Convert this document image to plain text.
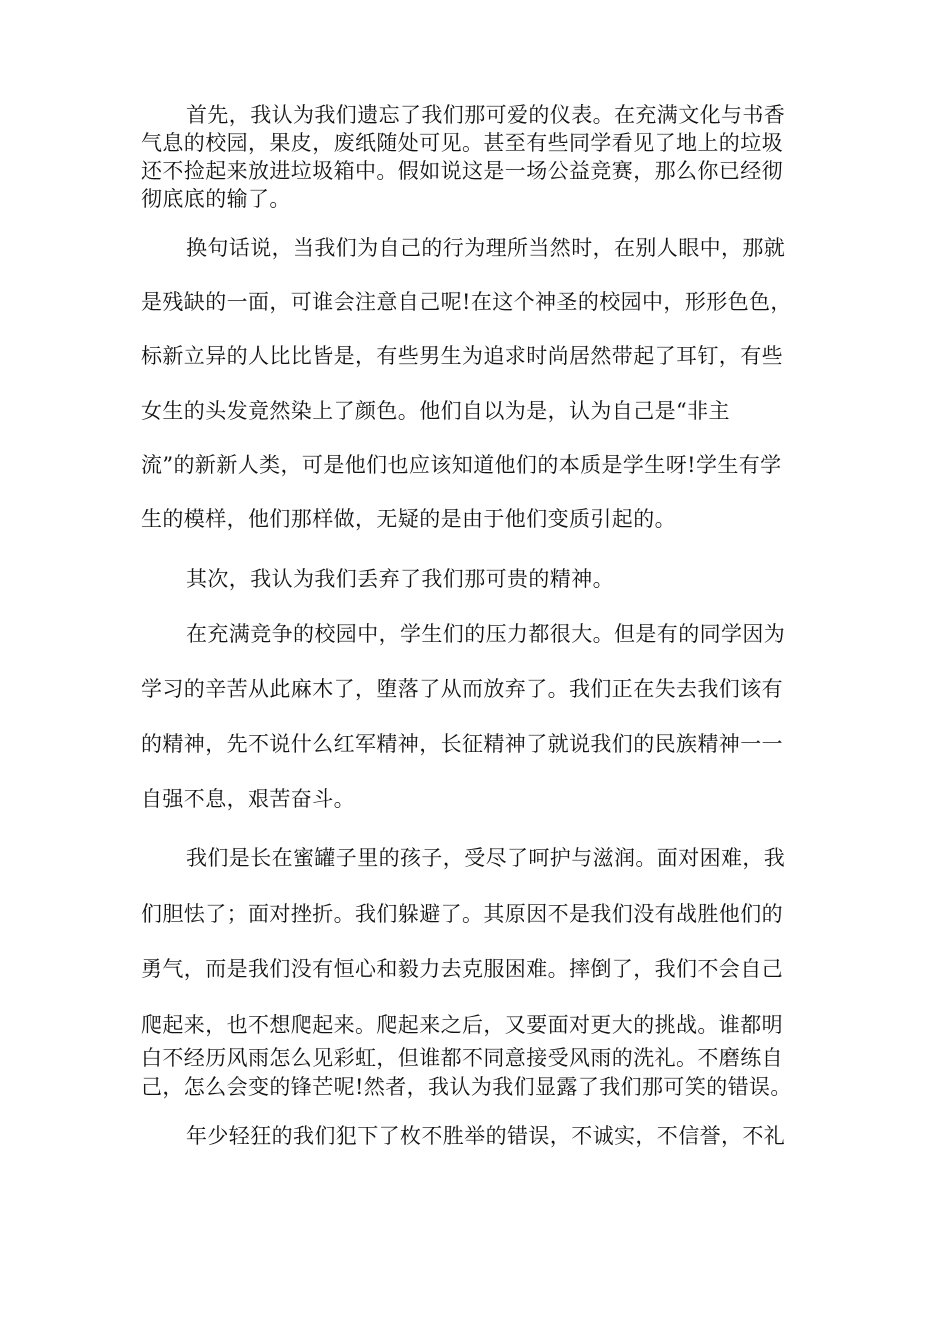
首先，我认为我们遗忘了我们那可爱的仪表。在充满文化与书香
气息的校园，果皮，废纸随处可见。甚至有些同学看见了地上的垃圾
还不捡起来放进垃圾箱中。假如说这是一场公益竞赛，那么你已经彻
彻底底的输了。
换句话说，当我们为自己的行为理所当然时，在别人眼中，那就
是残缺的一面，可谁会注意自己呢!在这个神圣的校园中，形形色色，
标新立异的人比比皆是，有些男生为追求时尚居然带起了耳钉，有些
女生的头发竟然染上了颜色。他们自以为是，认为自己是“非主
流”的新新人类，可是他们也应该知道他们的本质是学生呀!学生有学
生的模样，他们那样做，无疑的是由于他们变质引起的。
其次，我认为我们丢弃了我们那可贵的精神。
在充满竞争的校园中，学生们的压力都很大。但是有的同学因为
学习的辛苦从此麻木了，堕落了从而放弃了。我们正在失去我们该有
的精神，先不说什么红军精神，长征精神了就说我们的民族精神一一
自强不息，艰苦奋斗。
我们是长在蜜罐子里的孩子，受尽了呵护与滋润。面对困难，我
们胆怯了；面对挫折。我们躲避了。其原因不是我们没有战胜他们的
勇气，而是我们没有恒心和毅力去克服困难。摔倒了，我们不会自己
爬起来，也不想爬起来。爬起来之后，又要面对更大的挑战。谁都明
白不经历风雨怎么见彩虹，但谁都不同意接受风雨的洗礼。不磨练自
己，怎么会变的锋芒呢!然者，我认为我们显露了我们那可笑的错误。
年少轻狂的我们犯下了枚不胜举的错误，不诚实，不信誉，不礼
